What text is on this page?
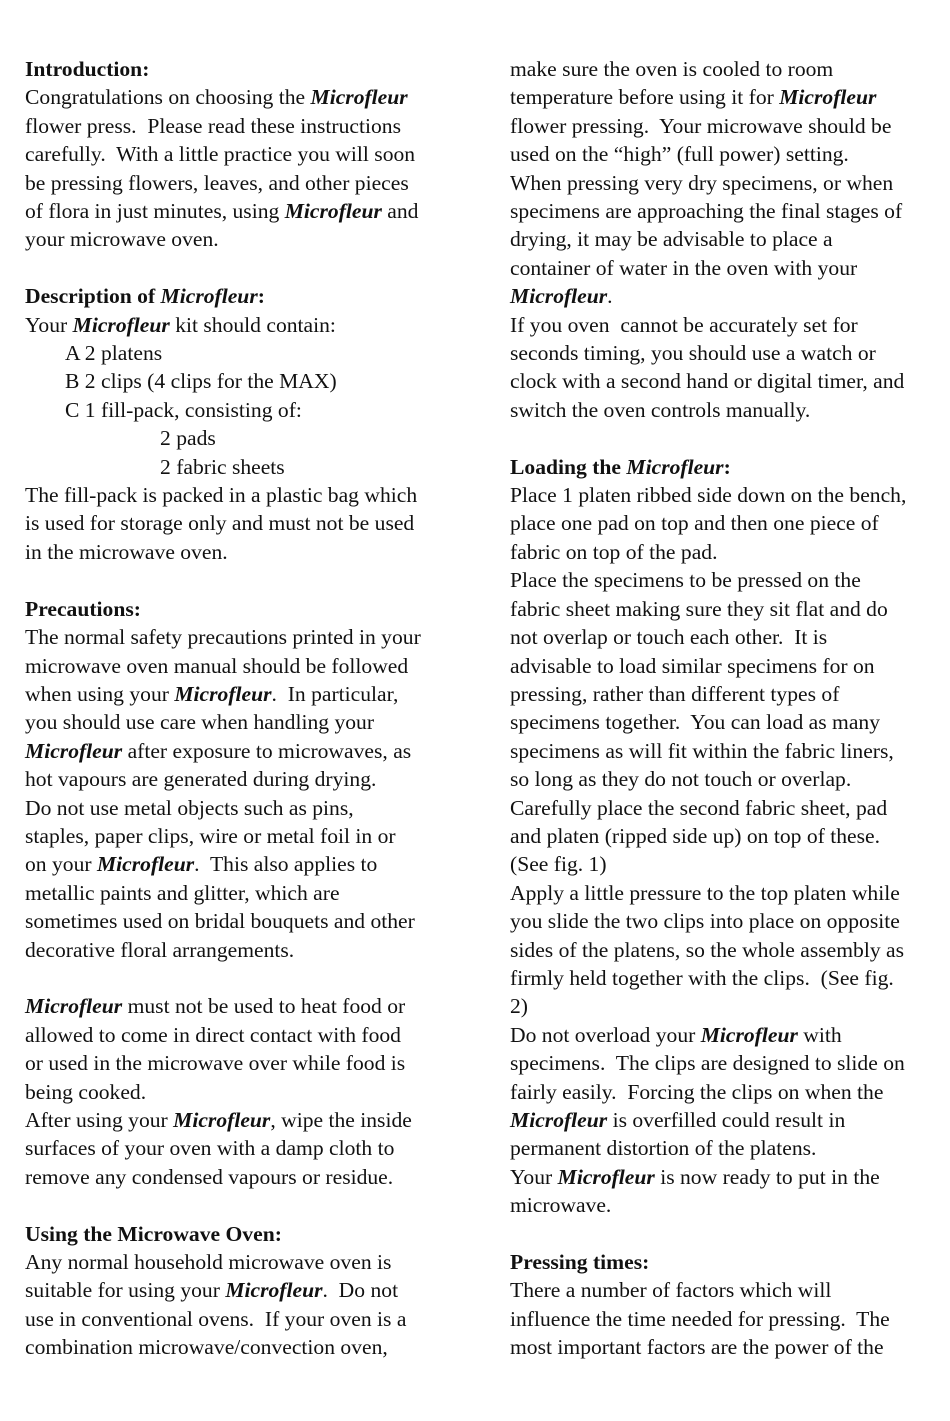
Introduction:
Congratulations on choosing the Microfleur
flower press.  Please read these instructions
carefully.  With a little practice you will soon
be pressing flowers, leaves, and other pieces
of flora in just minutes, using Microfleur and
your microwave oven.
Description of Microfleur:
Your Microfleur kit should contain:
A 2 platens
B 2 clips (4 clips for the MAX)
C 1 fill-pack, consisting of:
2 pads
2 fabric sheets
The fill-pack is packed in a plastic bag which
is used for storage only and must not be used
in the microwave oven.
Precautions:
The normal safety precautions printed in your
microwave oven manual should be followed
when using your Microfleur.  In particular,
you should use care when handling your
Microfleur after exposure to microwaves, as
hot vapours are generated during drying.
Do not use metal objects such as pins,
staples, paper clips, wire or metal foil in or
on your Microfleur.  This also applies to
metallic paints and glitter, which are
sometimes used on bridal bouquets and other
decorative floral arrangements.
Microfleur must not be used to heat food or
allowed to come in direct contact with food
or used in the microwave over while food is
being cooked.
After using your Microfleur, wipe the inside
surfaces of your oven with a damp cloth to
remove any condensed vapours or residue.
Using the Microwave Oven:
Any normal household microwave oven is
suitable for using your Microfleur.  Do not
use in conventional ovens.  If your oven is a
combination microwave/convection oven,
make sure the oven is cooled to room
temperature before using it for Microfleur
flower pressing.  Your microwave should be
used on the “high” (full power) setting.
When pressing very dry specimens, or when
specimens are approaching the final stages of
drying, it may be advisable to place a
container of water in the oven with your
Microfleur.
If you oven  cannot be accurately set for
seconds timing, you should use a watch or
clock with a second hand or digital timer, and
switch the oven controls manually.
Loading the Microfleur:
Place 1 platen ribbed side down on the bench,
place one pad on top and then one piece of
fabric on top of the pad.
Place the specimens to be pressed on the
fabric sheet making sure they sit flat and do
not overlap or touch each other.  It is
advisable to load similar specimens for on
pressing, rather than different types of
specimens together.  You can load as many
specimens as will fit within the fabric liners,
so long as they do not touch or overlap.
Carefully place the second fabric sheet, pad
and platen (ripped side up) on top of these.
(See fig. 1)
Apply a little pressure to the top platen while
you slide the two clips into place on opposite
sides of the platens, so the whole assembly as
firmly held together with the clips.  (See fig.
2)
Do not overload your Microfleur with
specimens.  The clips are designed to slide on
fairly easily.  Forcing the clips on when the
Microfleur is overfilled could result in
permanent distortion of the platens.
Your Microfleur is now ready to put in the
microwave.
Pressing times:
There a number of factors which will
influence the time needed for pressing.  The
most important factors are the power of the
